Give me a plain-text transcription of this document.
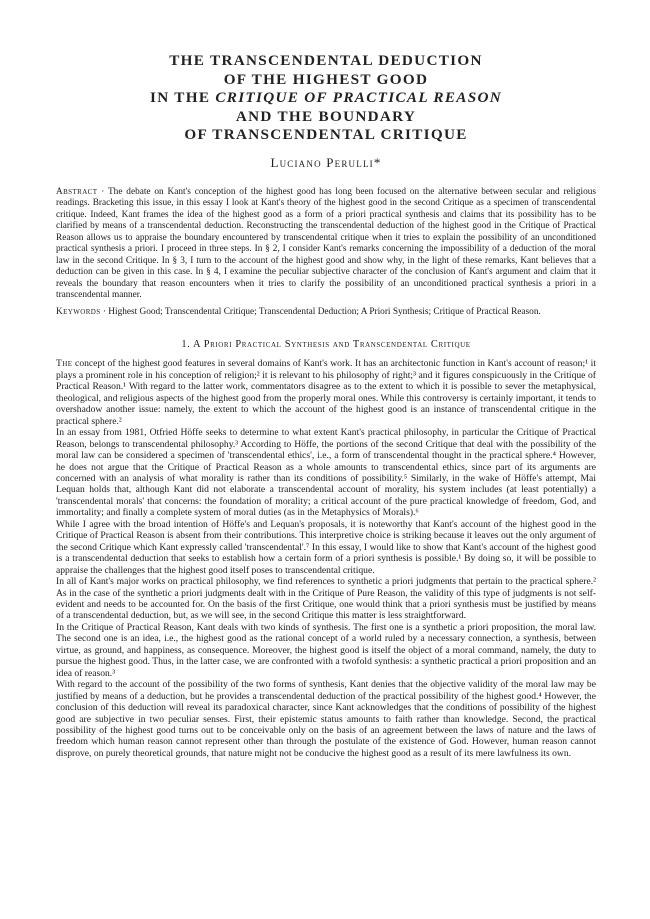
THE TRANSCENDENTAL DEDUCTION
OF THE HIGHEST GOOD
IN THE CRITIQUE OF PRACTICAL REASON
AND THE BOUNDARY
OF TRANSCENDENTAL CRITIQUE
Luciano Perulli*

Abstract · The debate on Kant's conception of the highest good has long been focused on the alternative between secular and religious readings. Bracketing this issue, in this essay I look at Kant's theory of the highest good in the second Critique as a specimen of transcendental critique. Indeed, Kant frames the idea of the highest good as a form of a priori practical synthesis and claims that its possibility has to be clarified by means of a transcendental deduction. Reconstructing the transcendental deduction of the highest good in the Critique of Practical Reason allows us to appraise the boundary encountered by transcendental critique when it tries to explain the possibility of an unconditioned practical synthesis a priori. I proceed in three steps. In § 2, I consider Kant's remarks concerning the impossibility of a deduction of the moral law in the second Critique. In § 3, I turn to the account of the highest good and show why, in the light of these remarks, Kant believes that a deduction can be given in this case. In § 4, I examine the peculiar subjective character of the conclusion of Kant's argument and claim that it reveals the boundary that reason encounters when it tries to clarify the possibility of an unconditioned practical synthesis a priori in a transcendental manner.

Keywords · Highest Good; Transcendental Critique; Transcendental Deduction; A Priori Synthesis; Critique of Practical Reason.

1. A Priori Practical Synthesis and Transcendental Critique

The concept of the highest good features in several domains of Kant's work. It has an architectonic function in Kant's account of reason;¹ it plays a prominent role in his conception of religion;² it is relevant to his philosophy of right;³ and it figures conspicuously in the Critique of Practical Reason.¹ With regard to the latter work, commentators disagree as to the extent to which it is possible to sever the metaphysical, theological, and religious aspects of the highest good from the properly moral ones. While this controversy is certainly important, it tends to overshadow another issue: namely, the extent to which the account of the highest good is an instance of transcendental critique in the practical sphere.²

In an essay from 1981, Otfried Höffe seeks to determine to what extent Kant's practical philosophy, in particular the Critique of Practical Reason, belongs to transcendental philosophy.³ According to Höffe, the portions of the second Critique that deal with the possibility of the moral law can be considered a specimen of 'transcendental ethics', i.e., a form of transcendental thought in the practical sphere.⁴ However, he does not argue that the Critique of Practical Reason as a whole amounts to transcendental ethics, since part of its arguments are concerned with an analysis of what morality is rather than its conditions of possibility.⁵ Similarly, in the wake of Höffe's attempt, Mai Lequan holds that, although Kant did not elaborate a transcendental account of morality, his system includes (at least potentially) a 'transcendental morals' that concerns: the foundation of morality; a critical account of the pure practical knowledge of freedom, God, and immortality; and finally a complete system of moral duties (as in the Metaphysics of Morals).⁶

While I agree with the broad intention of Höffe's and Lequan's proposals, it is noteworthy that Kant's account of the highest good in the Critique of Practical Reason is absent from their contributions. This interpretive choice is striking because it leaves out the only argument of the second Critique which Kant expressly called 'transcendental'.⁷ In this essay, I would like to show that Kant's account of the highest good is a transcendental deduction that seeks to establish how a certain form of a priori synthesis is possible.¹ By doing so, it will be possible to appraise the challenges that the highest good itself poses to transcendental critique.

In all of Kant's major works on practical philosophy, we find references to synthetic a priori judgments that pertain to the practical sphere.² As in the case of the synthetic a priori judgments dealt with in the Critique of Pure Reason, the validity of this type of judgments is not self-evident and needs to be accounted for. On the basis of the first Critique, one would think that a priori synthesis must be justified by means of a transcendental deduction, but, as we will see, in the second Critique this matter is less straightforward.

In the Critique of Practical Reason, Kant deals with two kinds of synthesis. The first one is a synthetic a priori proposition, the moral law. The second one is an idea, i.e., the highest good as the rational concept of a world ruled by a necessary connection, a synthesis, between virtue, as ground, and happiness, as consequence. Moreover, the highest good is itself the object of a moral command, namely, the duty to pursue the highest good. Thus, in the latter case, we are confronted with a twofold synthesis: a synthetic practical a priori proposition and an idea of reason.³

With regard to the account of the possibility of the two forms of synthesis, Kant denies that the objective validity of the moral law may be justified by means of a deduction, but he provides a transcendental deduction of the practical possibility of the highest good.⁴ However, the conclusion of this deduction will reveal its paradoxical character, since Kant acknowledges that the conditions of possibility of the highest good are subjective in two peculiar senses. First, their epistemic status amounts to faith rather than knowledge. Second, the practical possibility of the highest good turns out to be conceivable only on the basis of an agreement between the laws of nature and the laws of freedom which human reason cannot represent other than through the postulate of the existence of God. However, human reason cannot disprove, on purely theoretical grounds, that nature might not be conducive the highest good as a result of its mere lawfulness its own.
